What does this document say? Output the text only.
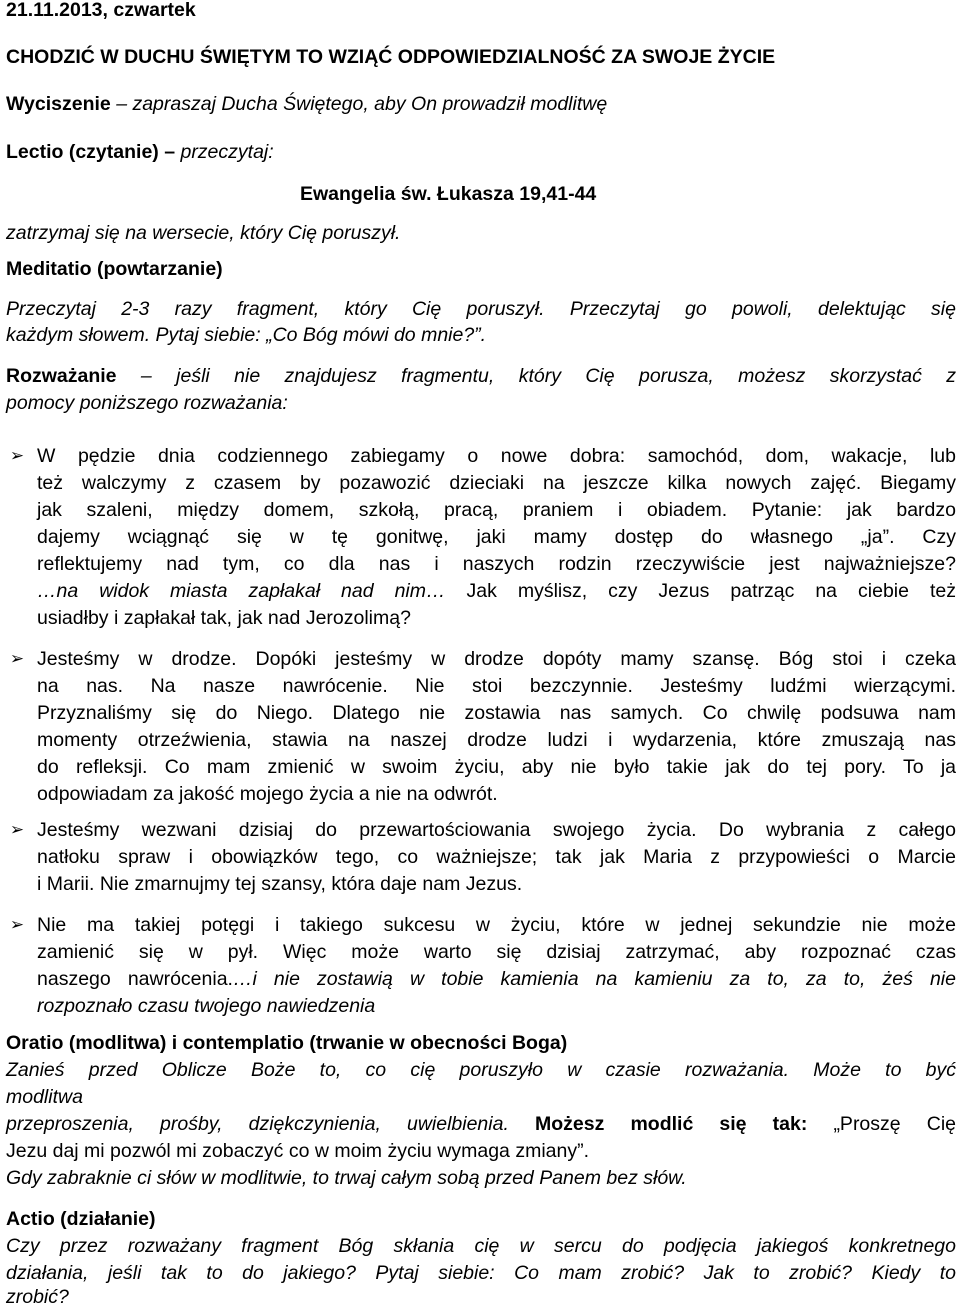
21.11.2013, czwartek
CHODZIĆ W DUCHU ŚWIĘTYM TO WZIĄĆ ODPOWIEDZIALNOŚĆ ZA SWOJE ŻYCIE
Wyciszenie – zapraszaj Ducha Świętego, aby On prowadził modlitwę
Lectio (czytanie) – przeczytaj:
Ewangelia św. Łukasza 19,41-44
zatrzymaj się na wersecie, który Cię poruszył.
Meditatio (powtarzanie)
Przeczytaj 2-3 razy fragment, który Cię poruszył. Przeczytaj go powoli, delektując się
każdym słowem. Pytaj siebie: „Co Bóg mówi do mnie?”.
Rozważanie – jeśli nie znajdujesz fragmentu, który Cię porusza, możesz skorzystać z
pomocy poniższego rozważania:
➢ W pędzie dnia codziennego zabiegamy o nowe dobra: samochód, dom, wakacje, lub
też walczymy z czasem by pozawozić dzieciaki na jeszcze kilka nowych zajęć. Biegamy
jak szaleni, między domem, szkołą, pracą, praniem i obiadem. Pytanie: jak bardzo
dajemy wciągnąć się w tę gonitwę, jaki mamy dostęp do własnego „ja”. Czy
reflektujemy nad tym, co dla nas i naszych rodzin rzeczywiście jest najważniejsze?
…na widok miasta zapłakał nad nim… Jak myślisz, czy Jezus patrząc na ciebie też
usiadłby i zapłakał tak, jak nad Jerozolimą?
➢ Jesteśmy w drodze. Dopóki jesteśmy w drodze dopóty mamy szansę. Bóg stoi i czeka
na nas. Na nasze nawrócenie. Nie stoi bezczynnie. Jesteśmy ludźmi wierzącymi.
Przyznaliśmy się do Niego. Dlatego nie zostawia nas samych. Co chwilę podsuwa nam
momenty otrzeźwienia, stawia na naszej drodze ludzi i wydarzenia, które zmuszają nas
do refleksji. Co mam zmienić w swoim życiu, aby nie było takie jak do tej pory. To ja
odpowiadam za jakość mojego życia a nie na odwrót.
➢ Jesteśmy wezwani dzisiaj do przewartościowania swojego życia. Do wybrania z całego
natłoku spraw i obowiązków tego, co ważniejsze; tak jak Maria z przypowieści o Marcie
i Marii. Nie zmarnujmy tej szansy, która daje nam Jezus.
➢ Nie ma takiej potęgi i takiego sukcesu w życiu, które w jednej sekundzie nie może
zamienić się w pył. Więc może warto się dzisiaj zatrzymać, aby rozpoznać czas
naszego nawrócenia.…i nie zostawią w tobie kamienia na kamieniu za to, za to, żeś nie
rozpoznało czasu twojego nawiedzenia
Oratio (modlitwa) i contemplatio (trwanie w obecności Boga)
Zanieś przed Oblicze Boże to, co cię poruszyło w czasie rozważania. Może to być
modlitwa
przeproszenia, prośby, dziękczynienia, uwielbienia. Możesz modlić się tak: „Proszę Cię
Jezu daj mi pozwól mi zobaczyć co w moim życiu wymaga zmiany”.
Gdy zabraknie ci słów w modlitwie, to trwaj całym sobą przed Panem bez słów.
Actio (działanie)
Czy przez rozważany fragment Bóg skłania cię w sercu do podjęcia jakiegoś konkretnego
działania, jeśli tak to do jakiego? Pytaj siebie: Co mam zrobić? Jak to zrobić? Kiedy to
zrobić?
